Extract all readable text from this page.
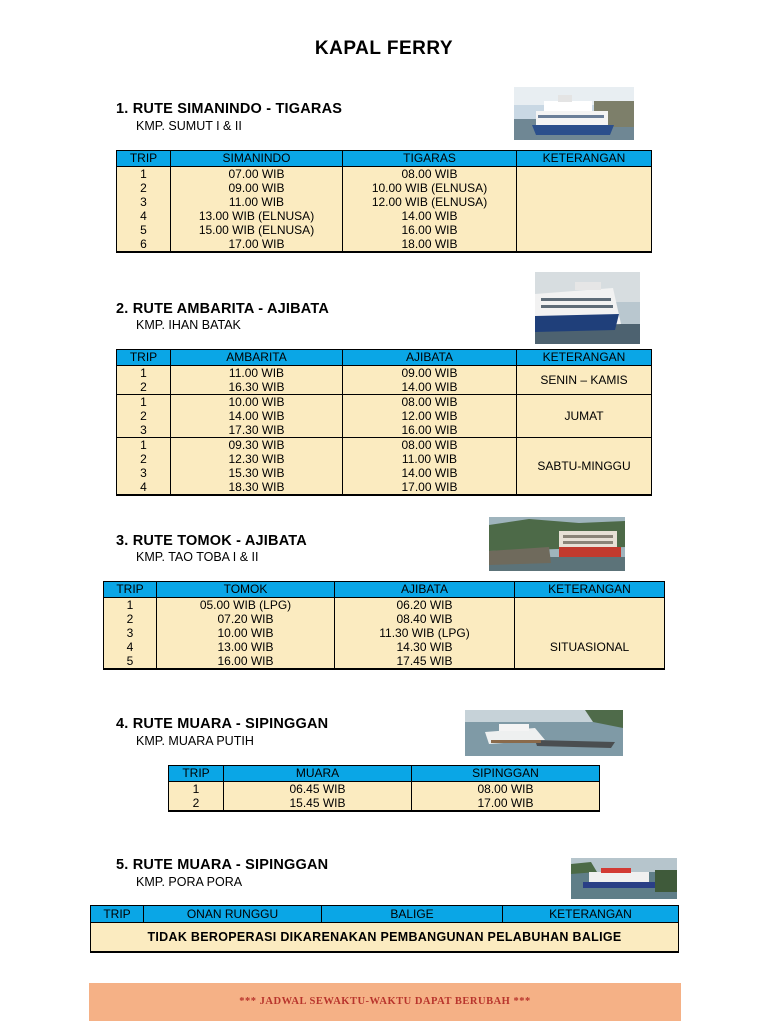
KAPAL FERRY
1. RUTE SIMANINDO - TIGARAS
KMP. SUMUT I & II
TRIP	SIMANINDO	TIGARAS	KETERANGAN
1	07.00 WIB	08.00 WIB	
2	09.00 WIB	10.00 WIB (ELNUSA)	
3	11.00 WIB	12.00 WIB (ELNUSA)	
4	13.00 WIB (ELNUSA)	14.00 WIB	
5	15.00 WIB (ELNUSA)	16.00 WIB	
6	17.00 WIB	18.00 WIB	
2. RUTE AMBARITA - AJIBATA
KMP. IHAN BATAK
TRIP	AMBARITA	AJIBATA	KETERANGAN
1	11.00 WIB	09.00 WIB	SENIN – KAMIS
2	16.30 WIB	14.00 WIB	
1	10.00 WIB	08.00 WIB	JUMAT
2	14.00 WIB	12.00 WIB	
3	17.30 WIB	16.00 WIB	
1	09.30 WIB	08.00 WIB	SABTU-MINGGU
2	12.30 WIB	11.00 WIB	
3	15.30 WIB	14.00 WIB	
4	18.30 WIB	17.00 WIB	
3. RUTE TOMOK - AJIBATA
KMP. TAO TOBA I & II
TRIP	TOMOK	AJIBATA	KETERANGAN
1	05.00 WIB (LPG)	06.20 WIB	
2	07.20 WIB	08.40 WIB	
3	10.00 WIB	11.30 WIB (LPG)	
4	13.00 WIB	14.30 WIB	SITUASIONAL
5	16.00 WIB	17.45 WIB	
4. RUTE MUARA - SIPINGGAN
KMP. MUARA PUTIH
TRIP	MUARA	SIPINGGAN
1	06.45 WIB	08.00 WIB
2	15.45 WIB	17.00 WIB
5. RUTE MUARA - SIPINGGAN
KMP. PORA PORA
TRIP	ONAN RUNGGU	BALIGE	KETERANGAN
TIDAK BEROPERASI DIKARENAKAN PEMBANGUNAN PELABUHAN BALIGE
*** JADWAL SEWAKTU-WAKTU DAPAT BERUBAH ***
